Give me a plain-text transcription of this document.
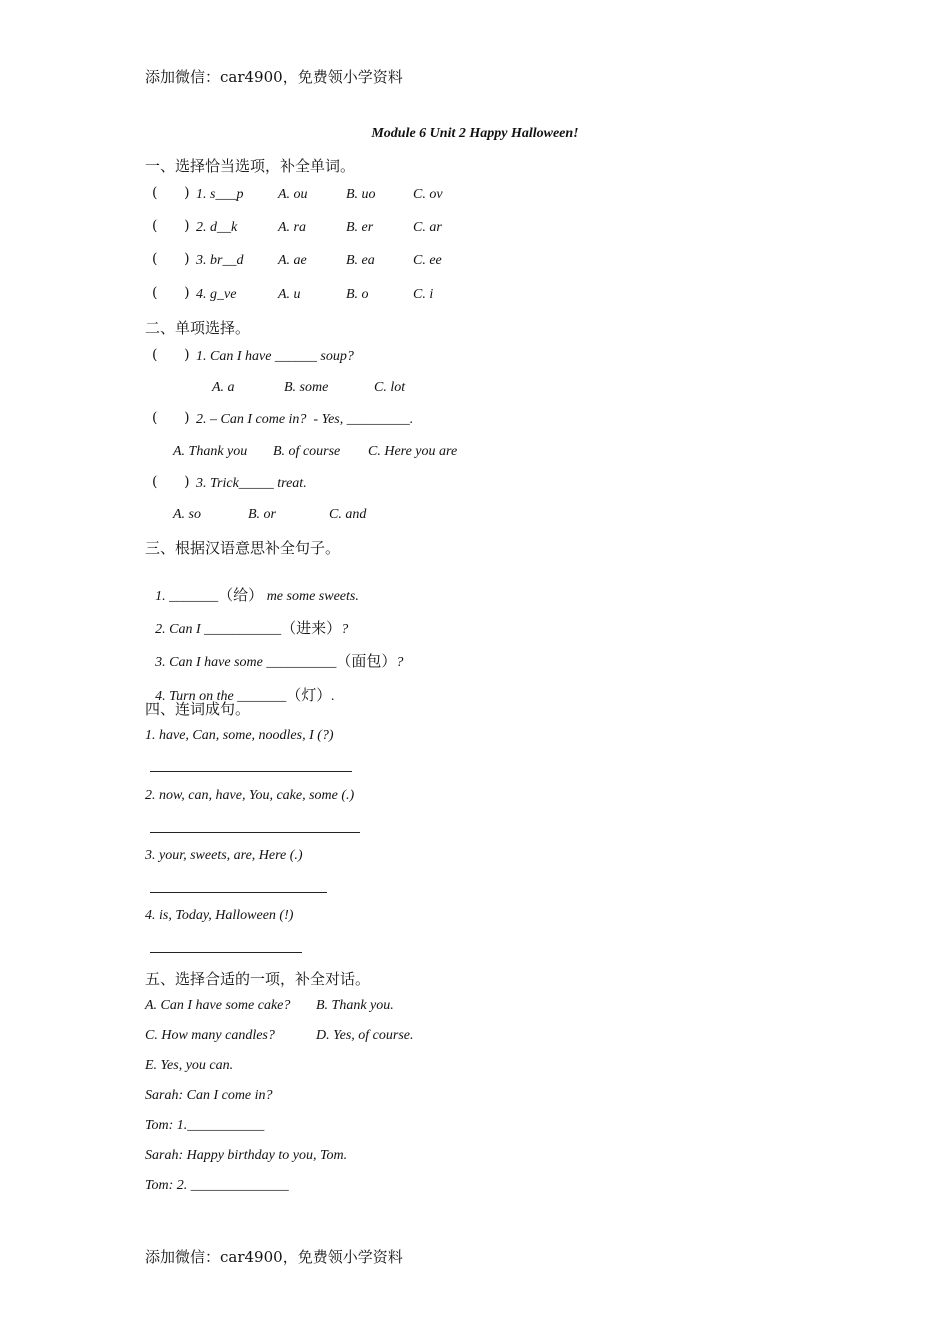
添加微信：car4900，免费领小学资料
Module 6 Unit 2 Happy Halloween!
一、选择恰当选项，补全单词。
(      ) 1. s___p A. ou	B. uo	C. ov
(      ) 2. d__k	A. ra	B. er	C. ar
(      ) 3. br__d A. ae	B. ea	C. ee
(      ) 4. g_ve	A. u	B. o	C. i
二、单项选择。
(      ) 1. Can I have ______ soup?
A. a	B. some	C. lot
(      ) 2. – Can I come in?  - Yes, _________.
A. Thank you B. of course C. Here you are
(      ) 3. Trick_____ treat.
A. so	B. or	C. and
三、根据汉语意思补全句子。

1. _______（给） me some sweets.

2. Can I ___________（进来）?

3. Can I have some __________（面包）?

4. Turn on the _______（灯）.

四、连词成句。
1. have, Can, some, noodles, I (?)
2. now, can, have, You, cake, some (.)
3. your, sweets, are, Here (.)
4. is, Today, Halloween (!)
五、选择合适的一项，补全对话。
A. Can I have some cake? B. Thank you.
C. How many candles?	D. Yes, of course.
E. Yes, you can.
Sarah: Can I come in?
Tom: 1.___________
Sarah: Happy birthday to you, Tom.
Tom: 2. ______________
添加微信：car4900，免费领小学资料
